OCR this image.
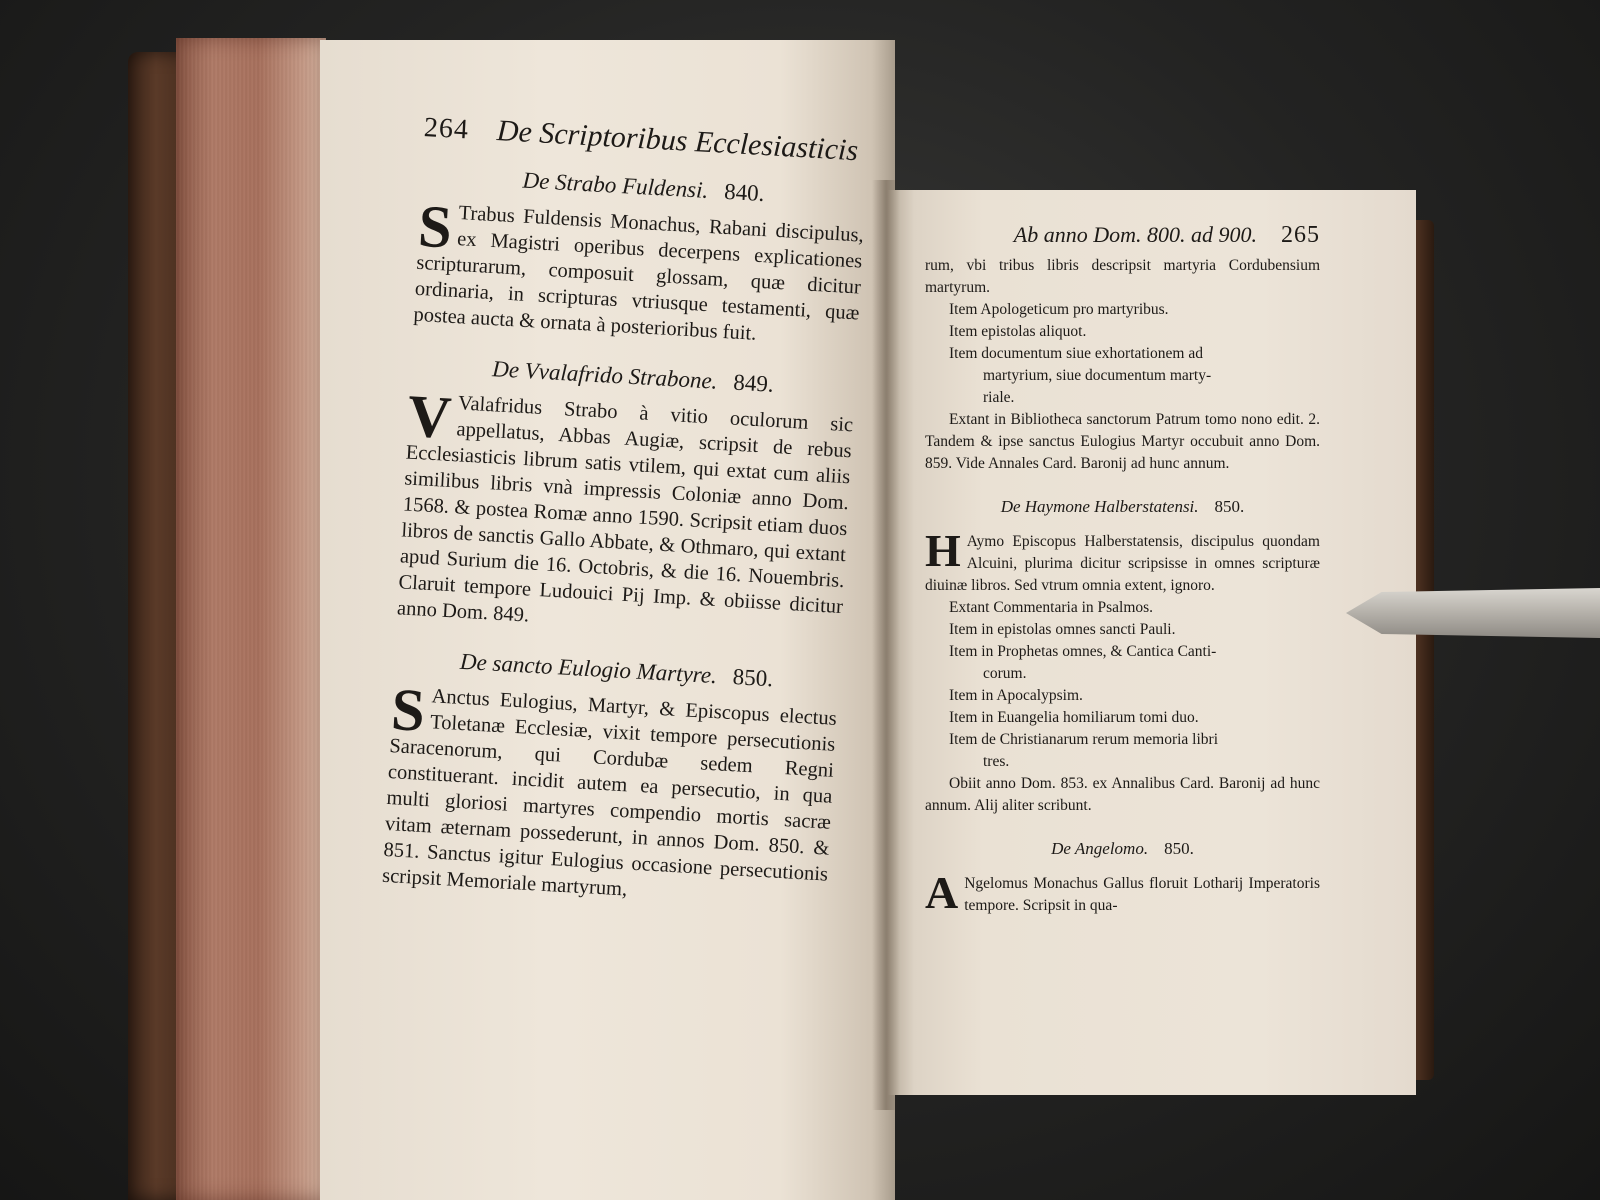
264 De Scriptoribus Ecclesiasticis
De Strabo Fuldensi. 840.
S Trabus Fuldensis Monachus, Rabani discipulus, ex Magistri operibus decerpens explicationes scripturarum, composuit glossam, quæ dicitur ordinaria, in scripturas vtriusque testamenti, quæ postea aucta & ornata à posterioribus fuit.
De Vvalafrido Strabone. 849.
V Valafridus Strabo à vitio oculorum sic appellatus, Abbas Augiæ, scripsit de rebus Ecclesiasticis librum satis vtilem, qui extat cum aliis similibus libris vnà impressis Coloniæ anno Dom. 1568. & postea Romæ anno 1590. Scripsit etiam duos libros de sanctis Gallo Abbate, & Othmaro, qui extant apud Surium die 16. Octobris, & die 16. Nouembris. Claruit tempore Ludouici Pij Imp. & obiisse dicitur anno Dom. 849.
De sancto Eulogio Martyre. 850.
S Anctus Eulogius, Martyr, & Episcopus electus Toletanæ Ecclesiæ, vixit tempore persecutionis Saracenorum, qui Cordubæ sedem Regni constituerant. incidit autem ea persecutio, in qua multi gloriosi martyres compendio mortis sacræ vitam æternam possederunt, in annos Dom. 850. & 851. Sanctus igitur Eulogius occasione persecutionis scripsit Memoriale martyrum,
Ab anno Dom. 800. ad 900. 265
rum, vbi tribus libris descripsit martyria Cordubensium martyrum.
Item Apologeticum pro martyribus.
Item epistolas aliquot.
Item documentum siue exhortationem ad
martyrium, siue documentum marty-
riale.
Extant in Bibliotheca sanctorum Patrum tomo nono edit. 2. Tandem & ipse sanctus Eulogius Martyr occubuit anno Dom. 859. Vide Annales Card. Baronij ad hunc annum.
De Haymone Halberstatensi. 850.
H Aymo Episcopus Halberstatensis, discipulus quondam Alcuini, plurima dicitur scripsisse in omnes scripturæ diuinæ libros. Sed vtrum omnia extent, ignoro.
Extant Commentaria in Psalmos.
Item in epistolas omnes sancti Pauli.
Item in Prophetas omnes, & Cantica Canti-
corum.
Item in Apocalypsim.
Item in Euangelia homiliarum tomi duo.
Item de Christianarum rerum memoria libri
tres.
Obiit anno Dom. 853. ex Annalibus Card. Baronij ad hunc annum. Alij aliter scribunt.
De Angelomo. 850.
A Ngelomus Monachus Gallus floruit Lotharij Imperatoris tempore. Scripsit in qua-
